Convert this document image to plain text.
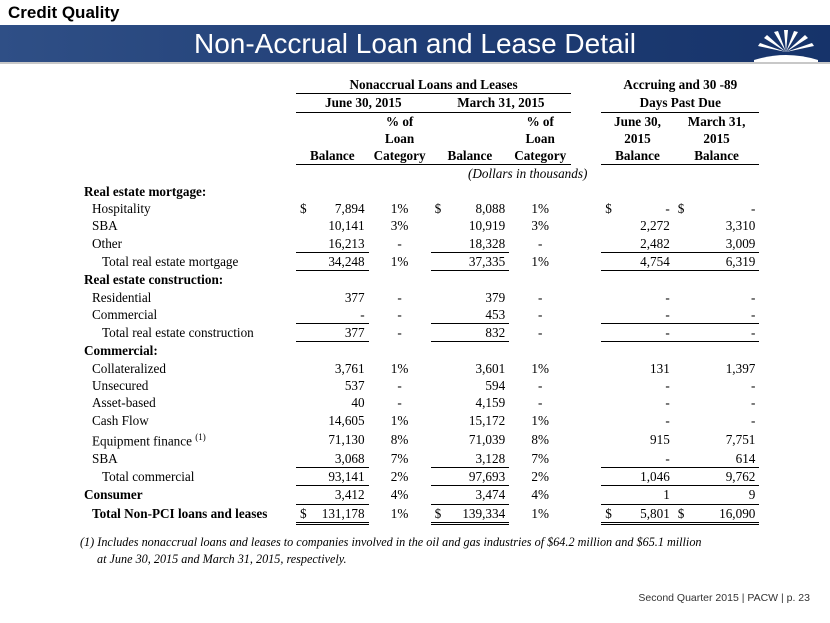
Credit Quality
Non-Accrual Loan and Lease Detail
	Nonaccrual Loans and Leases							Accruing and 30 -89			
	June 30, 2015			March 31, 2015				Days Past Due			
			% of			% of		June 30,		March 31,	
			Loan			Loan		2015		2015	
	Balance		Category	Balance		Category		Balance		Balance	
	(Dollars in thousands)										
Real estate mortgage:											
Hospitality	$	7,894	1%	$	8,088	1%		$	-	$	-
SBA		10,141	3%		10,919	3%			2,272		3,310
Other		16,213	-		18,328	-			2,482		3,009
Total real estate mortgage		34,248	1%		37,335	1%			4,754		6,319
Real estate construction:											
Residential		377	-		379	-			-		-
Commercial		-	-		453	-			-		-
Total real estate construction		377	-		832	-			-		-
Commercial:											
Collateralized		3,761	1%		3,601	1%			131		1,397
Unsecured		537	-		594	-			-		-
Asset-based		40	-		4,159	-			-		-
Cash Flow		14,605	1%		15,172	1%			-		-
Equipment finance $^{(1)}$		71,130	8%		71,039	8%			915		7,751
SBA		3,068	7%		3,128	7%			-		614
Total commercial		93,141	2%		97,693	2%			1,046		9,762
Consumer		3,412	4%		3,474	4%			1		9
Total Non-PCI loans and leases	$	131,178	1%	$	139,334	1%		$	5,801	$	16,090
(1) Includes nonaccrual loans and leases to companies involved in the oil and gas industries of $64.2 million and $65.1 million
at June 30, 2015 and March 31, 2015, respectively.
Second Quarter 2015 | PACW | p. 23
